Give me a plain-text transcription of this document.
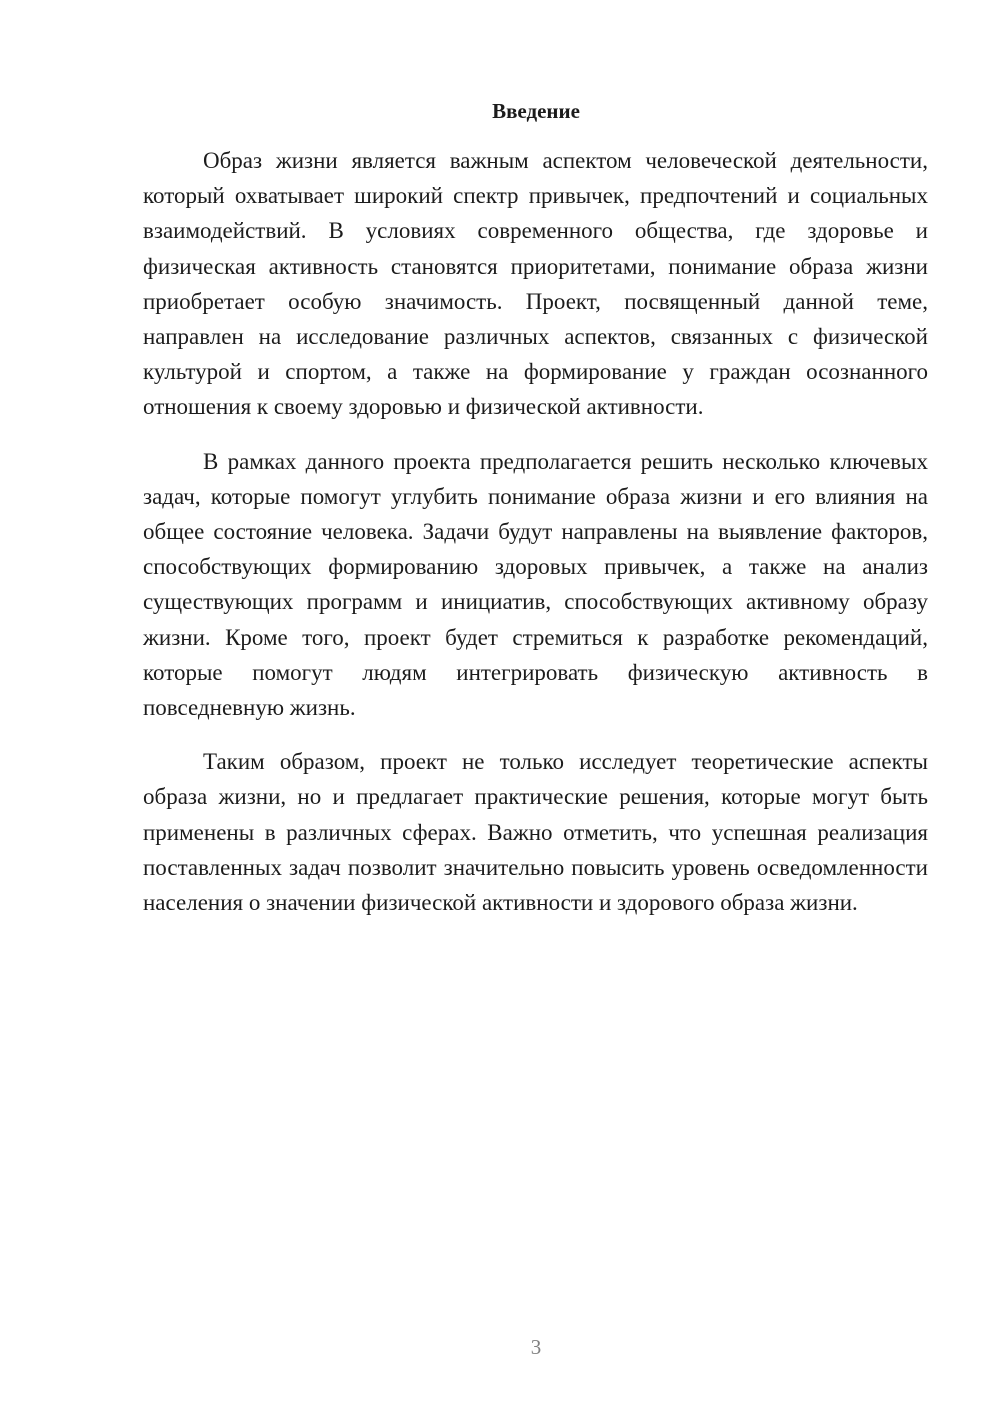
Введение

Образ жизни является важным аспектом человеческой деятельности, который охватывает широкий спектр привычек, предпочтений и социальных взаимодействий. В условиях современного общества, где здоровье и физическая активность становятся приоритетами, понимание образа жизни приобретает особую значимость. Проект, посвященный данной теме, направлен на исследование различных аспектов, связанных с физической культурой и спортом, а также на формирование у граждан осознанного отношения к своему здоровью и физической активности.

В рамках данного проекта предполагается решить несколько ключевых задач, которые помогут углубить понимание образа жизни и его влияния на общее состояние человека. Задачи будут направлены на выявление факторов, способствующих формированию здоровых привычек, а также на анализ существующих программ и инициатив, способствующих активному образу жизни. Кроме того, проект будет стремиться к разработке рекомендаций, которые помогут людям интегрировать физическую активность в повседневную жизнь.

Таким образом, проект не только исследует теоретические аспекты образа жизни, но и предлагает практические решения, которые могут быть применены в различных сферах. Важно отметить, что успешная реализация поставленных задач позволит значительно повысить уровень осведомленности населения о значении физической активности и здорового образа жизни.

3
